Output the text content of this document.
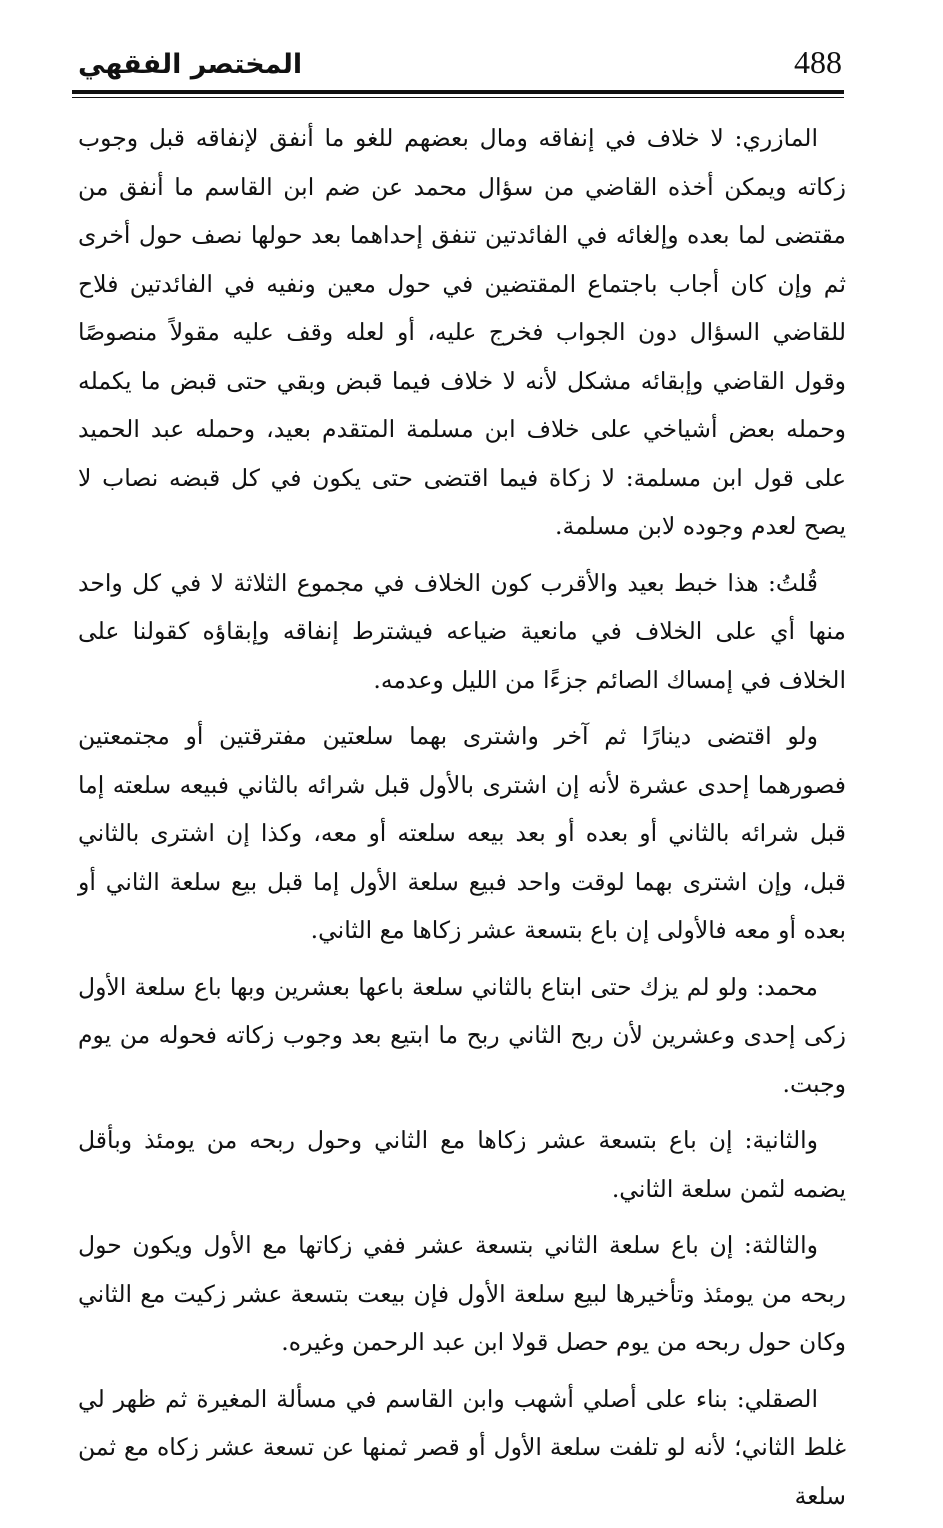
488
المختصر الفقهي

المازري: لا خلاف في إنفاقه ومال بعضهم للغو ما أنفق لإنفاقه قبل وجوب زكاته ويمكن أخذه القاضي من سؤال محمد عن ضم ابن القاسم ما أنفق من مقتضى لما بعده وإلغائه في الفائدتين تنفق إحداهما بعد حولها نصف حول أخرى ثم وإن كان أجاب باجتماع المقتضين في حول معين ونفيه في الفائدتين فلاح للقاضي السؤال دون الجواب فخرج عليه، أو لعله وقف عليه مقولاً منصوصًا وقول القاضي وإبقائه مشكل لأنه لا خلاف فيما قبض وبقي حتى قبض ما يكمله وحمله بعض أشياخي على خلاف ابن مسلمة المتقدم بعيد، وحمله عبد الحميد على قول ابن مسلمة: لا زكاة فيما اقتضى حتى يكون في كل قبضه نصاب لا يصح لعدم وجوده لابن مسلمة.

قُلتُ: هذا خبط بعيد والأقرب كون الخلاف في مجموع الثلاثة لا في كل واحد منها أي على الخلاف في مانعية ضياعه فيشترط إنفاقه وإبقاؤه كقولنا على الخلاف في إمساك الصائم جزءًا من الليل وعدمه.

ولو اقتضى دينارًا ثم آخر واشترى بهما سلعتين مفترقتين أو مجتمعتين فصورهما إحدى عشرة لأنه إن اشترى بالأول قبل شرائه بالثاني فبيعه سلعته إما قبل شرائه بالثاني أو بعده أو بعد بيعه سلعته أو معه، وكذا إن اشترى بالثاني قبل، وإن اشترى بهما لوقت واحد فبيع سلعة الأول إما قبل بيع سلعة الثاني أو بعده أو معه فالأولى إن باع بتسعة عشر زكاها مع الثاني.

محمد: ولو لم يزك حتى ابتاع بالثاني سلعة باعها بعشرين وبها باع سلعة الأول زكى إحدى وعشرين لأن ربح الثاني ربح ما ابتيع بعد وجوب زكاته فحوله من يوم وجبت.

والثانية: إن باع بتسعة عشر زكاها مع الثاني وحول ربحه من يومئذ وبأقل يضمه لثمن سلعة الثاني.

والثالثة: إن باع سلعة الثاني بتسعة عشر ففي زكاتها مع الأول ويكون حول ربحه من يومئذ وتأخيرها لبيع سلعة الأول فإن بيعت بتسعة عشر زكيت مع الثاني وكان حول ربحه من يوم حصل قولا ابن عبد الرحمن وغيره.

الصقلي: بناء على أصلي أشهب وابن القاسم في مسألة المغيرة ثم ظهر لي غلط الثاني؛ لأنه لو تلفت سلعة الأول أو قصر ثمنها عن تسعة عشر زكاه مع ثمن سلعة
